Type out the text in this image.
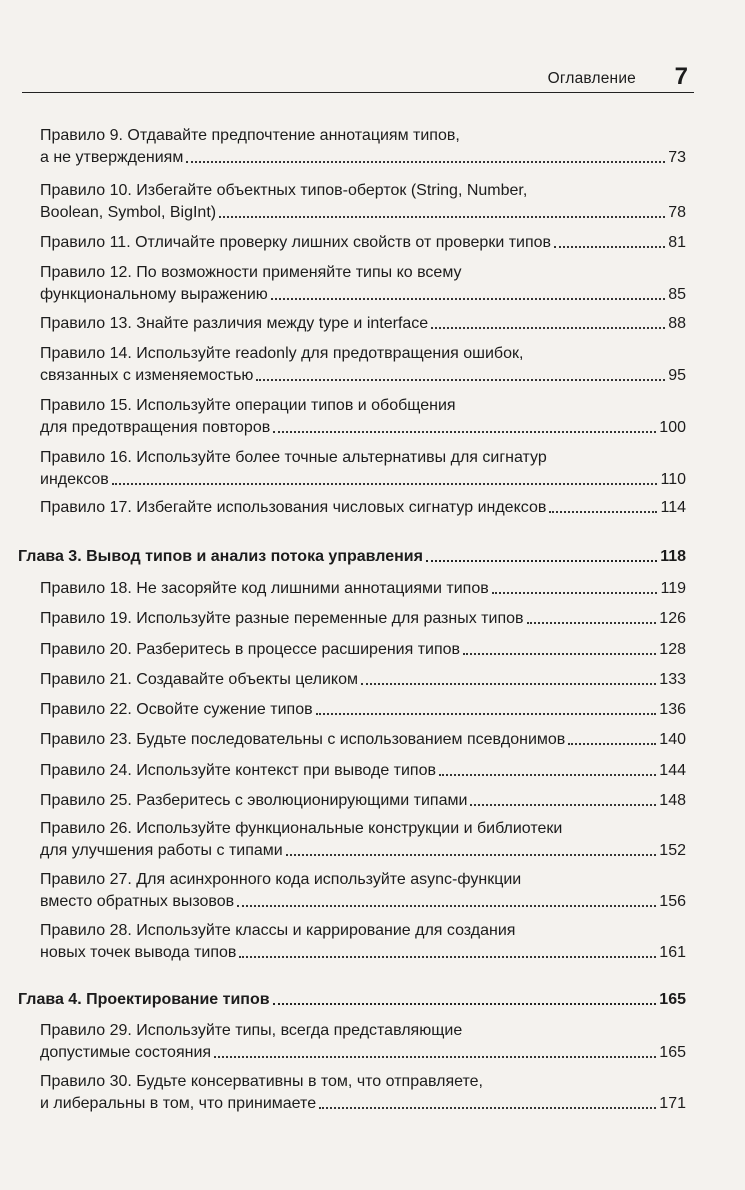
Оглавление 7
Правило 9. Отдавайте предпочтение аннотациям типов,
а не утверждениям	73
Правило 10. Избегайте объектных типов-оберток (String, Number,
Boolean, Symbol, BigInt)	78
Правило 11. Отличайте проверку лишних свойств от проверки типов	81
Правило 12. По возможности применяйте типы ко всему
функциональному выражению	85
Правило 13. Знайте различия между type и interface	88
Правило 14. Используйте readonly для предотвращения ошибок,
связанных с изменяемостью	95
Правило 15. Используйте операции типов и обобщения
для предотвращения повторов	100
Правило 16. Используйте более точные альтернативы для сигнатур
индексов	110
Правило 17. Избегайте использования числовых сигнатур индексов	114
Глава 3. Вывод типов и анализ потока управления	118
Правило 18. Не засоряйте код лишними аннотациями типов	119
Правило 19. Используйте разные переменные для разных типов	126
Правило 20. Разберитесь в процессе расширения типов	128
Правило 21. Создавайте объекты целиком	133
Правило 22. Освойте сужение типов	136
Правило 23. Будьте последовательны с использованием псевдонимов	140
Правило 24. Используйте контекст при выводе типов	144
Правило 25. Разберитесь с эволюционирующими типами	148
Правило 26. Используйте функциональные конструкции и библиотеки
для улучшения работы с типами	152
Правило 27. Для асинхронного кода используйте async-функции
вместо обратных вызовов	156
Правило 28. Используйте классы и каррирование для создания
новых точек вывода типов	161
Глава 4. Проектирование типов	165
Правило 29. Используйте типы, всегда представляющие
допустимые состояния	165
Правило 30. Будьте консервативны в том, что отправляете,
и либеральны в том, что принимаете	171
